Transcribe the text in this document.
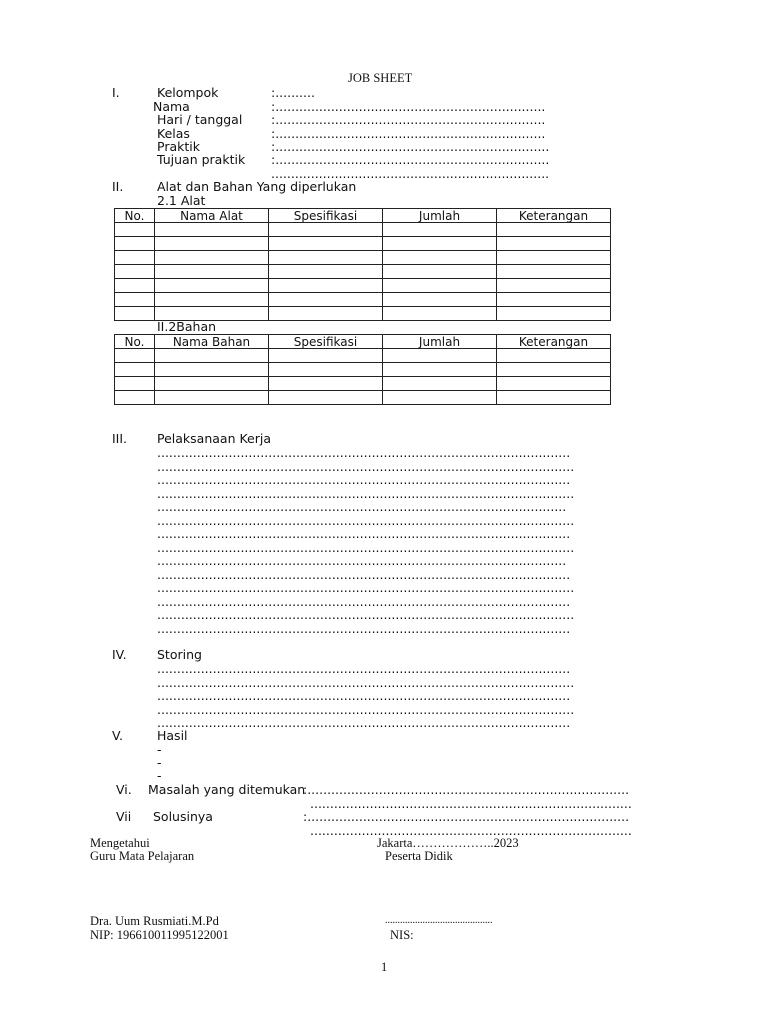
JOB SHEET
I.	Kelompok	:..........
Nama	:....................................................................
Hari / tanggal :....................................................................
Kelas	:....................................................................
Praktik	:.....................................................................
Tujuan praktik :.....................................................................
......................................................................
II.	Alat dan Bahan Yang diperlukan
2.1 Alat
No.	Nama Alat	Spesifikasi	Jumlah	Keterangan

II.2Bahan
No.	Nama Bahan	Spesifikasi	Jumlah	Keterangan

III. Pelaksanaan Kerja
........................................................................................................
.........................................................................................................
........................................................................................................
.........................................................................................................
.......................................................................................................
.........................................................................................................
........................................................................................................
.........................................................................................................
.......................................................................................................
........................................................................................................
.........................................................................................................
........................................................................................................
.........................................................................................................
........................................................................................................
IV. Storing
........................................................................................................
.........................................................................................................
........................................................................................................
.........................................................................................................
........................................................................................................
V.	Hasil
-
-
-
Vi. Masalah yang ditemukan
:.................................................................................
.................................................................................
Vii Solusinya	:.................................................................................
.................................................................................
Mengetahui
Guru Mata Pelajaran
Jakarta………………..2023
Peserta Didik
Dra. Uum Rusmiati.M.Pd
NIP: 196610011995122001
...........................................
NIS:
1
